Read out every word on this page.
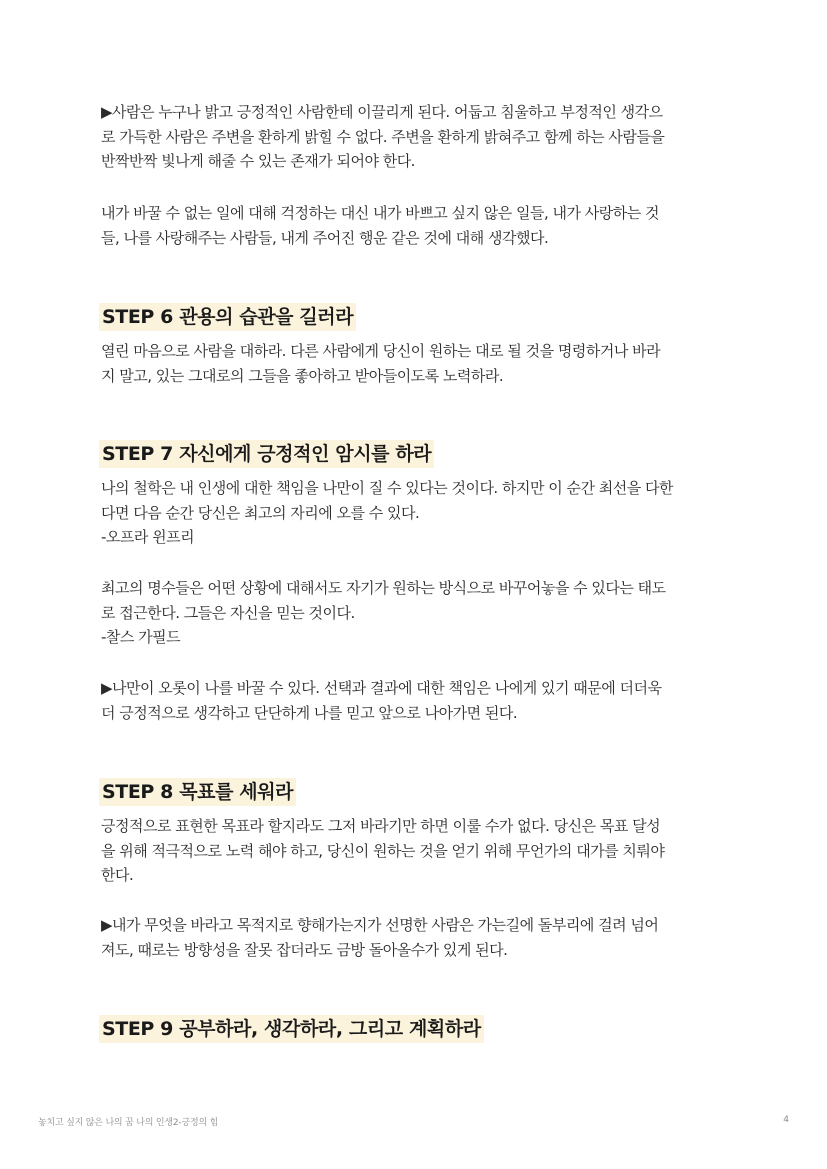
▶사람은 누구나 밝고 긍정적인 사람한테 이끌리게 된다. 어둡고 침울하고 부정적인 생각으
로 가득한 사람은 주변을 환하게 밝힐 수 없다. 주변을 환하게 밝혀주고 함께 하는 사람들을
반짝반짝 빛나게 해줄 수 있는 존재가 되어야 한다.

내가 바꿀 수 없는 일에 대해 걱정하는 대신 내가 바쁘고 싶지 않은 일들, 내가 사랑하는 것
들, 나를 사랑해주는 사람들, 내게 주어진 행운 같은 것에 대해 생각했다.

STEP 6 관용의 습관을 길러라

열린 마음으로 사람을 대하라. 다른 사람에게 당신이 원하는 대로 될 것을 명령하거나 바라
지 말고, 있는 그대로의 그들을 좋아하고 받아들이도록 노력하라.

STEP 7 자신에게 긍정적인 암시를 하라

나의 철학은 내 인생에 대한 책임을 나만이 질 수 있다는 것이다. 하지만 이 순간 최선을 다한
다면 다음 순간 당신은 최고의 자리에 오를 수 있다.
-오프라 윈프리

최고의 명수들은 어떤 상황에 대해서도 자기가 원하는 방식으로 바꾸어놓을 수 있다는 태도
로 접근한다. 그들은 자신을 믿는 것이다.
-찰스 가필드

▶나만이 오롯이 나를 바꿀 수 있다. 선택과 결과에 대한 책임은 나에게 있기 때문에 더더욱
더 긍정적으로 생각하고 단단하게 나를 믿고 앞으로 나아가면 된다.

STEP 8 목표를 세워라

긍정적으로 표현한 목표라 할지라도 그저 바라기만 하면 이룰 수가 없다. 당신은 목표 달성
을 위해 적극적으로 노력 해야 하고, 당신이 원하는 것을 얻기 위해 무언가의 대가를 치뤄야
한다.

▶내가 무엇을 바라고 목적지로 향해가는지가 선명한 사람은 가는길에 돌부리에 걸려 넘어
져도, 때로는 방향성을 잘못 잡더라도 금방 돌아올수가 있게 된다.

STEP 9 공부하라, 생각하라, 그리고 계획하라
놓치고 싶지 않은 나의 꿈 나의 인생2-긍정의 힘	4
